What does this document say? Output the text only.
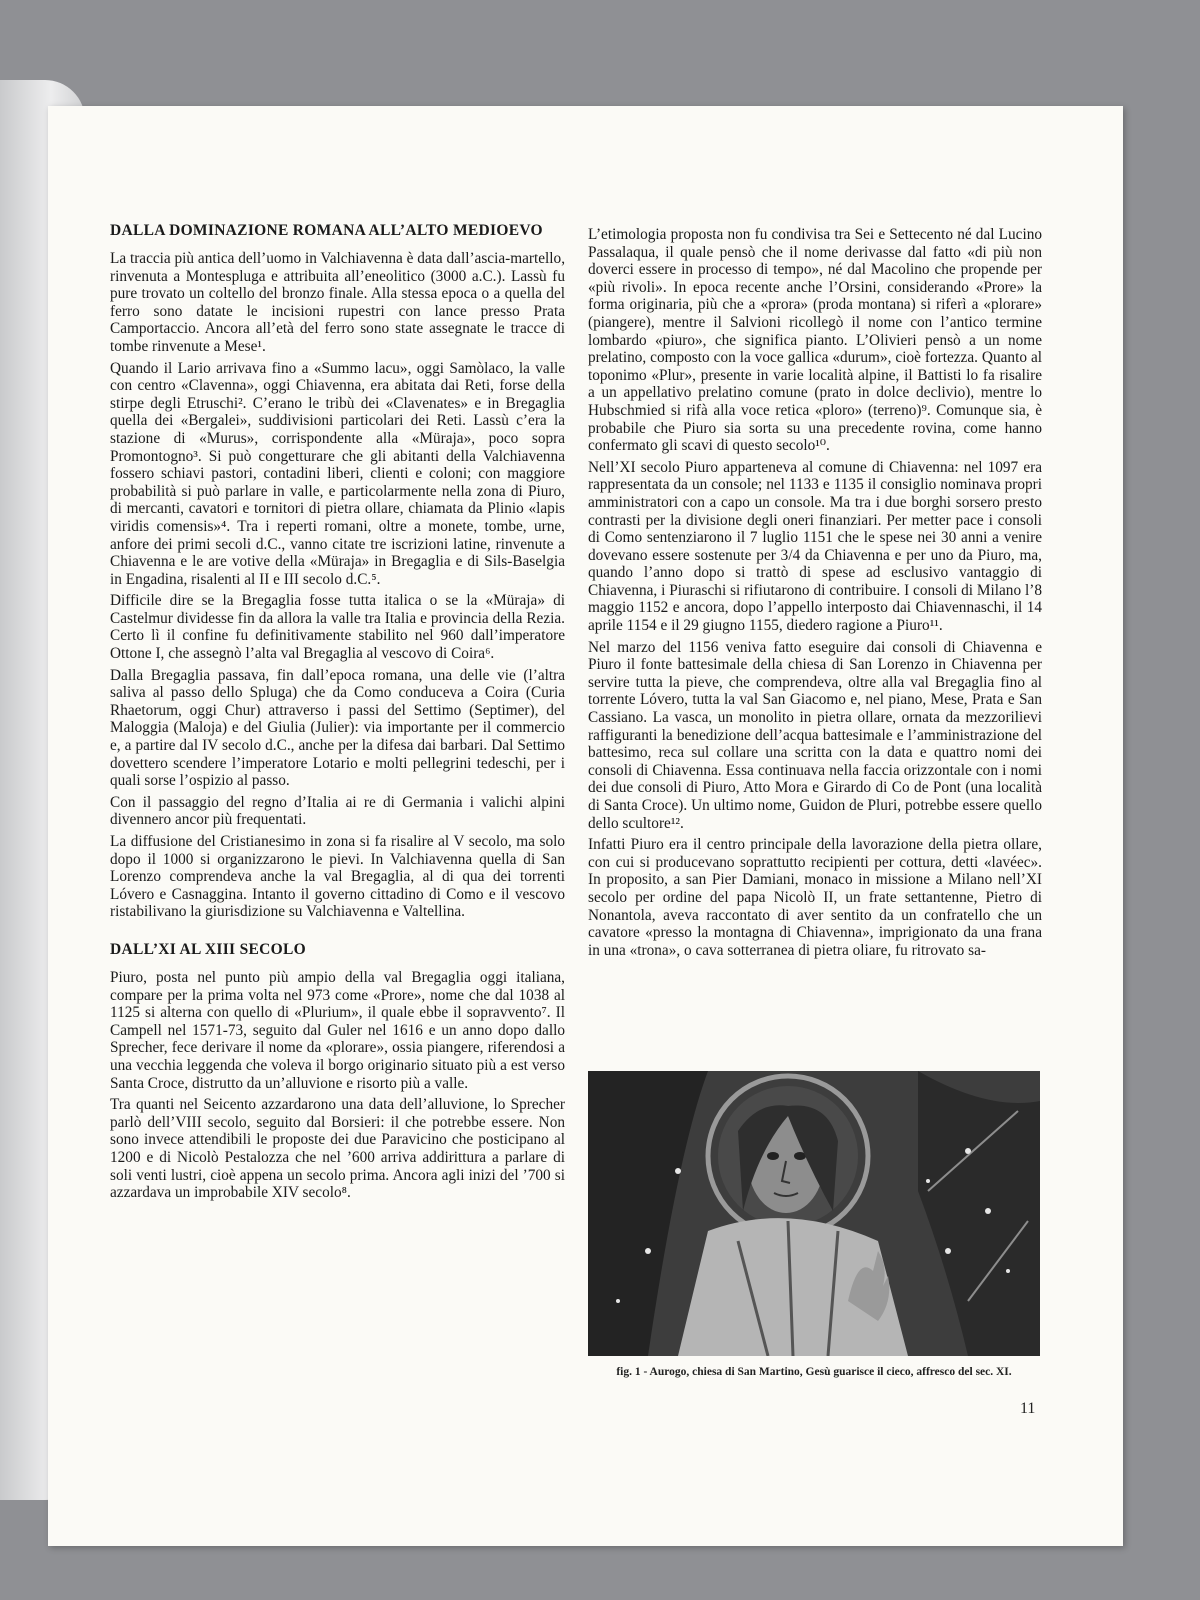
DALLA DOMINAZIONE ROMANA ALL’ALTO MEDIOEVO

La traccia più antica dell’uomo in Valchiavenna è data dall’ascia-martello, rinvenuta a Montespluga e attribuita all’eneolitico (3000 a.C.). Lassù fu pure trovato un coltello del bronzo finale. Alla stessa epoca o a quella del ferro sono datate le incisioni rupestri con lance presso Prata Camportaccio. Ancora all’età del ferro sono state assegnate le tracce di tombe rinvenute a Mese¹.

Quando il Lario arrivava fino a «Summo lacu», oggi Samòlaco, la valle con centro «Clavenna», oggi Chiavenna, era abitata dai Reti, forse della stirpe degli Etruschi². C’erano le tribù dei «Clavenates» e in Bregaglia quella dei «Bergalei», suddivisioni particolari dei Reti. Lassù c’era la stazione di «Murus», corrispondente alla «Müraja», poco sopra Promontogno³. Si può congetturare che gli abitanti della Valchiavenna fossero schiavi pastori, contadini liberi, clienti e coloni; con maggiore probabilità si può parlare in valle, e particolarmente nella zona di Piuro, di mercanti, cavatori e tornitori di pietra ollare, chiamata da Plinio «lapis viridis comensis»⁴. Tra i reperti romani, oltre a monete, tombe, urne, anfore dei primi secoli d.C., vanno citate tre iscrizioni latine, rinvenute a Chiavenna e le are votive della «Müraja» in Bregaglia e di Sils-Baselgia in Engadina, risalenti al II e III secolo d.C.⁵.

Difficile dire se la Bregaglia fosse tutta italica o se la «Müraja» di Castelmur dividesse fin da allora la valle tra Italia e provincia della Rezia. Certo lì il confine fu definitivamente stabilito nel 960 dall’imperatore Ottone I, che assegnò l’alta val Bregaglia al vescovo di Coira⁶.

Dalla Bregaglia passava, fin dall’epoca romana, una delle vie (l’altra saliva al passo dello Spluga) che da Como conduceva a Coira (Curia Rhaetorum, oggi Chur) attraverso i passi del Settimo (Septimer), del Maloggia (Maloja) e del Giulia (Julier): via importante per il commercio e, a partire dal IV secolo d.C., anche per la difesa dai barbari. Dal Settimo dovettero scendere l’imperatore Lotario e molti pellegrini tedeschi, per i quali sorse l’ospizio al passo.

Con il passaggio del regno d’Italia ai re di Germania i valichi alpini divennero ancor più frequentati.

La diffusione del Cristianesimo in zona si fa risalire al V secolo, ma solo dopo il 1000 si organizzarono le pievi. In Valchiavenna quella di San Lorenzo comprendeva anche la val Bregaglia, al di qua dei torrenti Lóvero e Casnaggina. Intanto il governo cittadino di Como e il vescovo ristabilivano la giurisdizione su Valchiavenna e Valtellina.

DALL’XI AL XIII SECOLO

Piuro, posta nel punto più ampio della val Bregaglia oggi italiana, compare per la prima volta nel 973 come «Prore», nome che dal 1038 al 1125 si alterna con quello di «Plurium», il quale ebbe il sopravvento⁷. Il Campell nel 1571-73, seguito dal Guler nel 1616 e un anno dopo dallo Sprecher, fece derivare il nome da «plorare», ossia piangere, riferendosi a una vecchia leggenda che voleva il borgo originario situato più a est verso Santa Croce, distrutto da un’alluvione e risorto più a valle.

Tra quanti nel Seicento azzardarono una data dell’alluvione, lo Sprecher parlò dell’VIII secolo, seguito dal Borsieri: il che potrebbe essere. Non sono invece attendibili le proposte dei due Paravicino che posticipano al 1200 e di Nicolò Pestalozza che nel ’600 arriva addirittura a parlare di soli venti lustri, cioè appena un secolo prima. Ancora agli inizi del ’700 si azzardava un improbabile XIV secolo⁸.

L’etimologia proposta non fu condivisa tra Sei e Settecento né dal Lucino Passalaqua, il quale pensò che il nome derivasse dal fatto «di più non doverci essere in processo di tempo», né dal Macolino che propende per «più rivoli». In epoca recente anche l’Orsini, considerando «Prore» la forma originaria, più che a «prora» (proda montana) si riferì a «plorare» (piangere), mentre il Salvioni ricollegò il nome con l’antico termine lombardo «piuro», che significa pianto. L’Olivieri pensò a un nome prelatino, composto con la voce gallica «durum», cioè fortezza. Quanto al toponimo «Plur», presente in varie località alpine, il Battisti lo fa risalire a un appellativo prelatino comune (prato in dolce declivio), mentre lo Hubschmied si rifà alla voce retica «ploro» (terreno)⁹. Comunque sia, è probabile che Piuro sia sorta su una precedente rovina, come hanno confermato gli scavi di questo secolo¹⁰.

Nell’XI secolo Piuro apparteneva al comune di Chiavenna: nel 1097 era rappresentata da un console; nel 1133 e 1135 il consiglio nominava propri amministratori con a capo un console. Ma tra i due borghi sorsero presto contrasti per la divisione degli oneri finanziari. Per metter pace i consoli di Como sentenziarono il 7 luglio 1151 che le spese nei 30 anni a venire dovevano essere sostenute per 3/4 da Chiavenna e per uno da Piuro, ma, quando l’anno dopo si trattò di spese ad esclusivo vantaggio di Chiavenna, i Piuraschi si rifiutarono di contribuire. I consoli di Milano l’8 maggio 1152 e ancora, dopo l’appello interposto dai Chiavennaschi, il 14 aprile 1154 e il 29 giugno 1155, diedero ragione a Piuro¹¹.

Nel marzo del 1156 veniva fatto eseguire dai consoli di Chiavenna e Piuro il fonte battesimale della chiesa di San Lorenzo in Chiavenna per servire tutta la pieve, che comprendeva, oltre alla val Bregaglia fino al torrente Lóvero, tutta la val San Giacomo e, nel piano, Mese, Prata e San Cassiano. La vasca, un monolito in pietra ollare, ornata da mezzorilievi raffiguranti la benedizione dell’acqua battesimale e l’amministrazione del battesimo, reca sul collare una scritta con la data e quattro nomi dei consoli di Chiavenna. Essa continuava nella faccia orizzontale con i nomi dei due consoli di Piuro, Atto Mora e Girardo di Co de Pont (una località di Santa Croce). Un ultimo nome, Guidon de Pluri, potrebbe essere quello dello scultore¹².

Infatti Piuro era il centro principale della lavorazione della pietra ollare, con cui si producevano soprattutto recipienti per cottura, detti «lavéec». In proposito, a san Pier Damiani, monaco in missione a Milano nell’XI secolo per ordine del papa Nicolò II, un frate settantenne, Pietro di Nonantola, aveva raccontato di aver sentito da un confratello che un cavatore «presso la montagna di Chiavenna», imprigionato da una frana in una «trona», o cava sotterranea di pietra oliare, fu ritrovato sa-

fig. 1 - Aurogo, chiesa di San Martino, Gesù guarisce il cieco, affresco del sec. XI.
11
